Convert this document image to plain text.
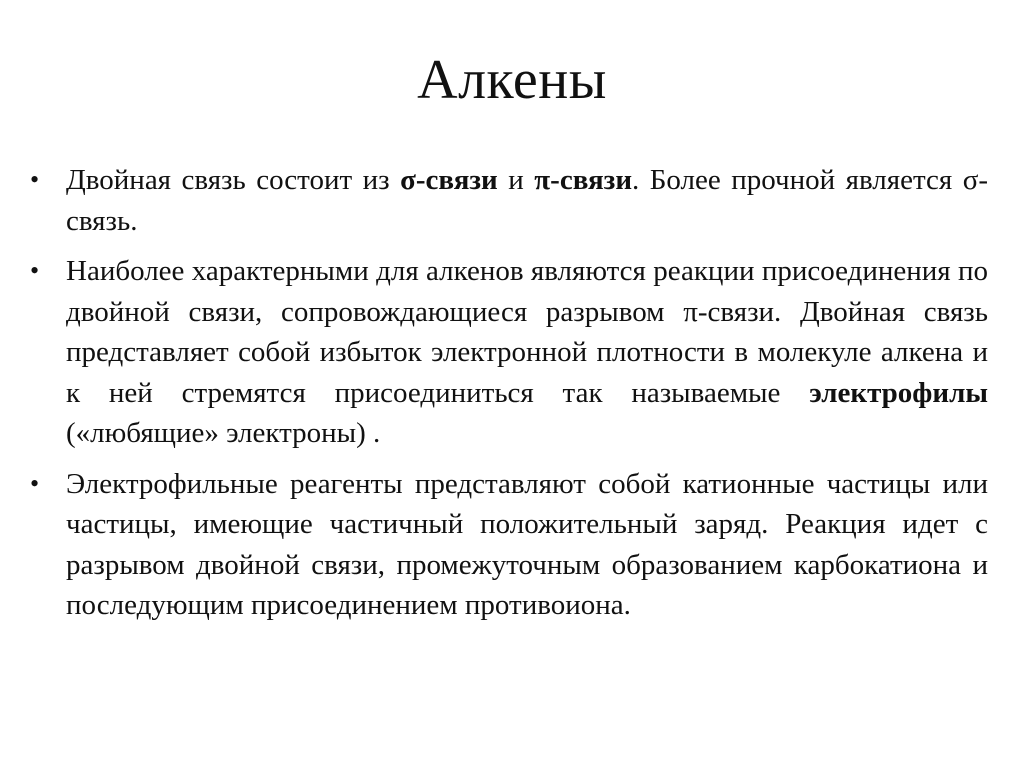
Алкены
• Двойная связь состоит из σ-связи и π-связи. Более прочной является σ-связь.
• Наиболее характерными для алкенов являются реакции присоединения по двойной связи, сопровождающиеся разрывом π-связи. Двойная связь представляет собой избыток электронной плотности в молекуле алкена и к ней стремятся присоединиться так называемые электрофилы («любящие» электроны) .
• Электрофильные реагенты представляют собой катионные частицы или частицы, имеющие частичный положительный заряд. Реакция идет с разрывом двойной связи, промежуточным образованием карбокатиона и последующим присоединением противоиона.
